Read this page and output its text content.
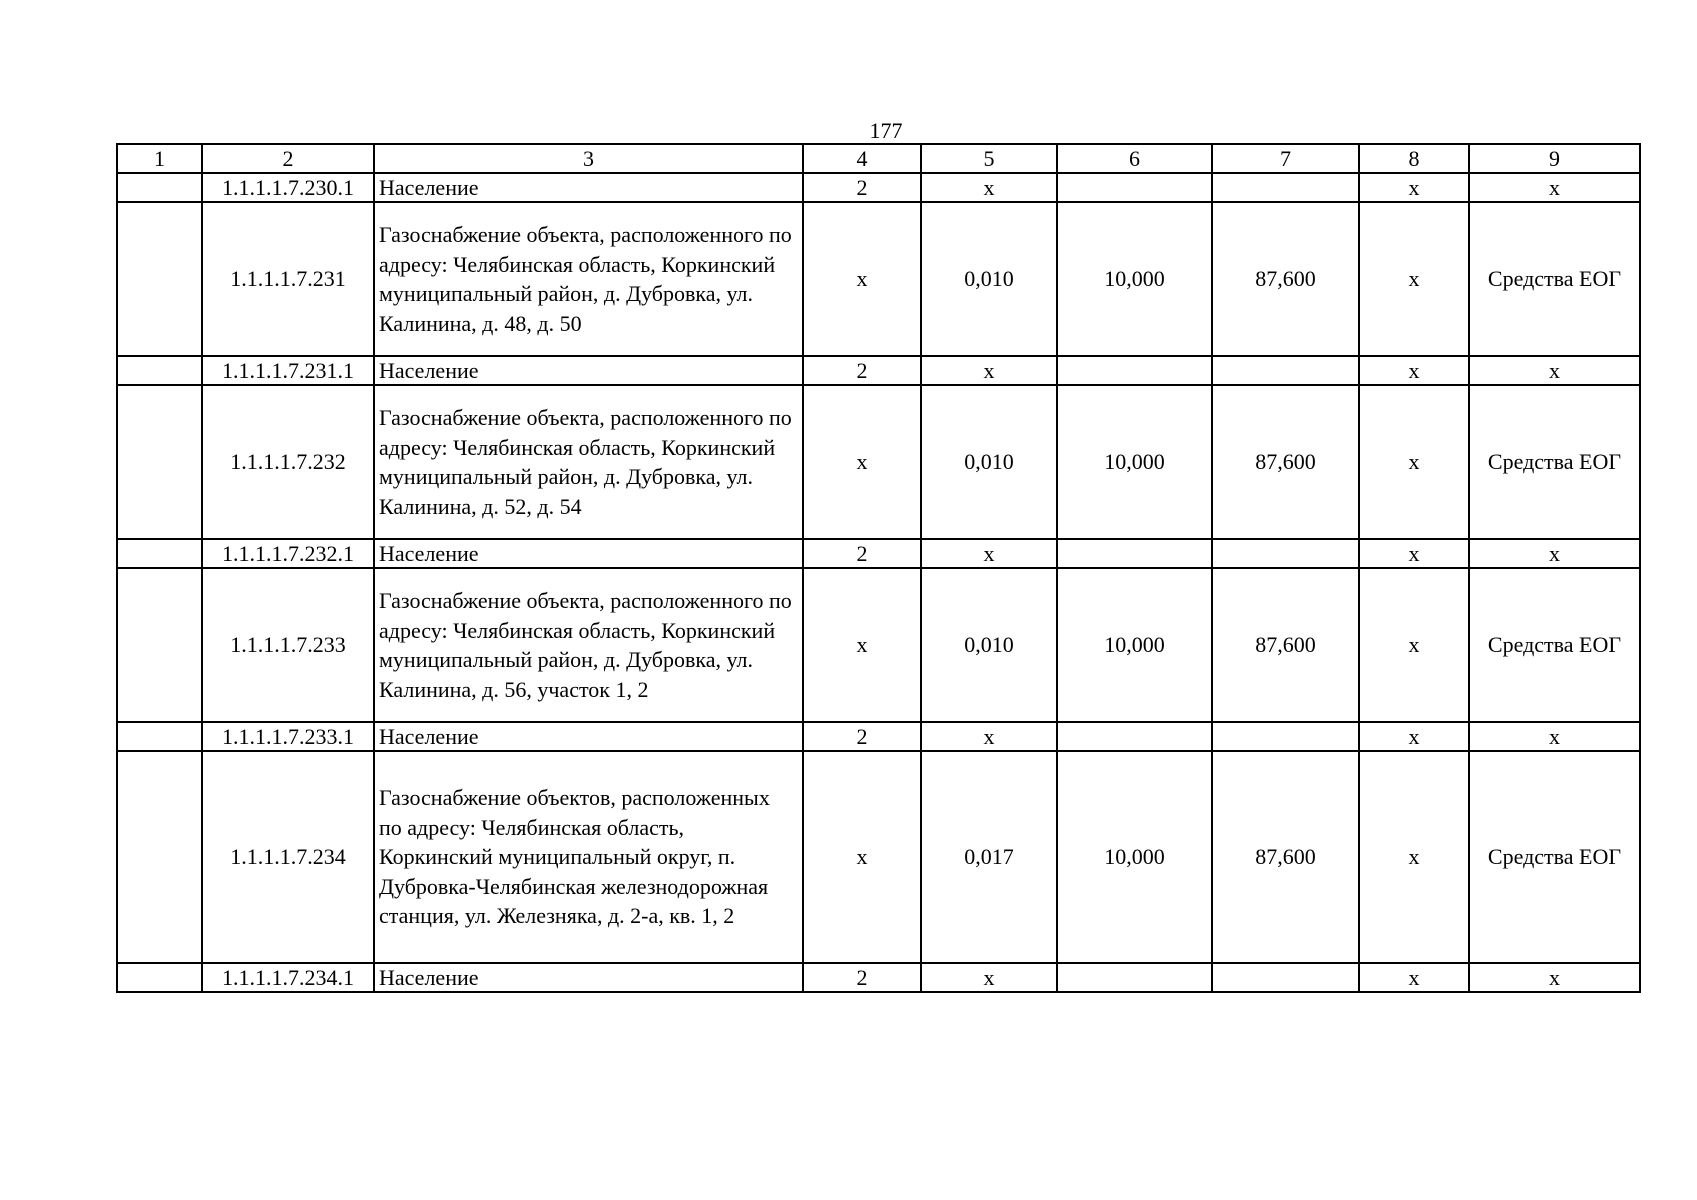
177
1	2	3	4	5	6	7	8	9
	1.1.1.1.7.230.1	Население	2	х			х	х
	1.1.1.1.7.231	Газоснабжение объекта, расположенного по адресу: Челябинская область, Коркинский муниципальный район, д. Дубровка, ул. Калинина, д. 48, д. 50	х	0,010	10,000	87,600	х	Средства ЕОГ
	1.1.1.1.7.231.1	Население	2	х			х	х
	1.1.1.1.7.232	Газоснабжение объекта, расположенного по адресу: Челябинская область, Коркинский муниципальный район, д. Дубровка, ул. Калинина, д. 52, д. 54	х	0,010	10,000	87,600	х	Средства ЕОГ
	1.1.1.1.7.232.1	Население	2	х			х	х
	1.1.1.1.7.233	Газоснабжение объекта, расположенного по адресу: Челябинская область, Коркинский муниципальный район, д. Дубровка, ул. Калинина, д. 56, участок 1, 2	х	0,010	10,000	87,600	х	Средства ЕОГ
	1.1.1.1.7.233.1	Население	2	х			х	х
	1.1.1.1.7.234	Газоснабжение объектов, расположенных по адресу: Челябинская область, Коркинский муниципальный округ, п. Дубровка-Челябинская железнодорожная станция, ул. Железняка, д. 2-а, кв. 1, 2	х	0,017	10,000	87,600	х	Средства ЕОГ
	1.1.1.1.7.234.1	Население	2	х			х	х
